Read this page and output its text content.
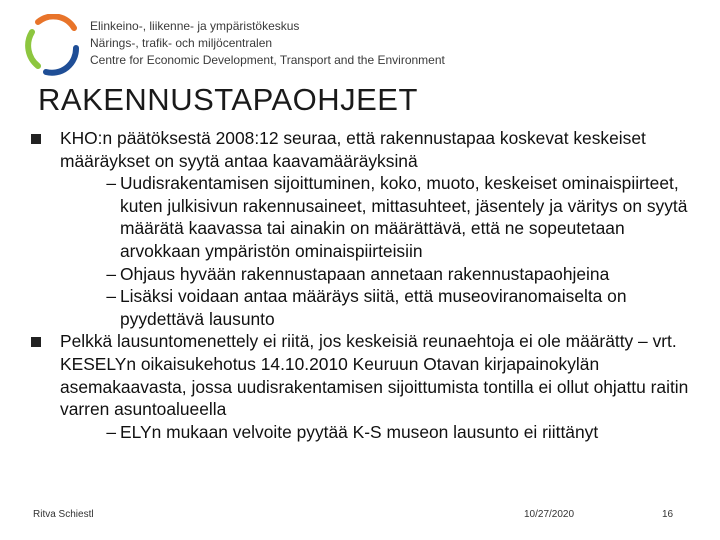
Elinkeino-, liikenne- ja ympäristökeskus
Närings-, trafik- och miljöcentralen
Centre for Economic Development, Transport and the Environment
RAKENNUSTAPAOHJEET
KHO:n päätöksestä 2008:12 seuraa, että rakennustapaa koskevat keskeiset määräykset on syytä antaa kaavamääräyksinä
– Uudisrakentamisen sijoittuminen, koko, muoto, keskeiset ominaispiirteet, kuten julkisivun rakennusaineet, mittasuhteet, jäsentely ja väritys on syytä määrätä kaavassa tai ainakin on määrättävä, että ne sopeutetaan arvokkaan ympäristön ominaispiirteisiin
– Ohjaus hyvään rakennustapaan annetaan rakennustapaohjeina
– Lisäksi voidaan antaa määräys siitä, että museoviranomaiselta on pyydettävä lausunto
Pelkkä lausuntomenettely ei riitä, jos keskeisiä reunaehtoja ei ole määrätty – vrt. KESELYn oikaisukehotus 14.10.2010 Keuruun Otavan kirjapainokylän asemakaavasta, jossa uudisrakentamisen sijoittumista tontilla ei ollut ohjattu raitin varren asuntoalueella
– ELYn mukaan velvoite pyytää K-S museon lausunto ei riittänyt
Ritva Schiestl	10/27/2020	16
